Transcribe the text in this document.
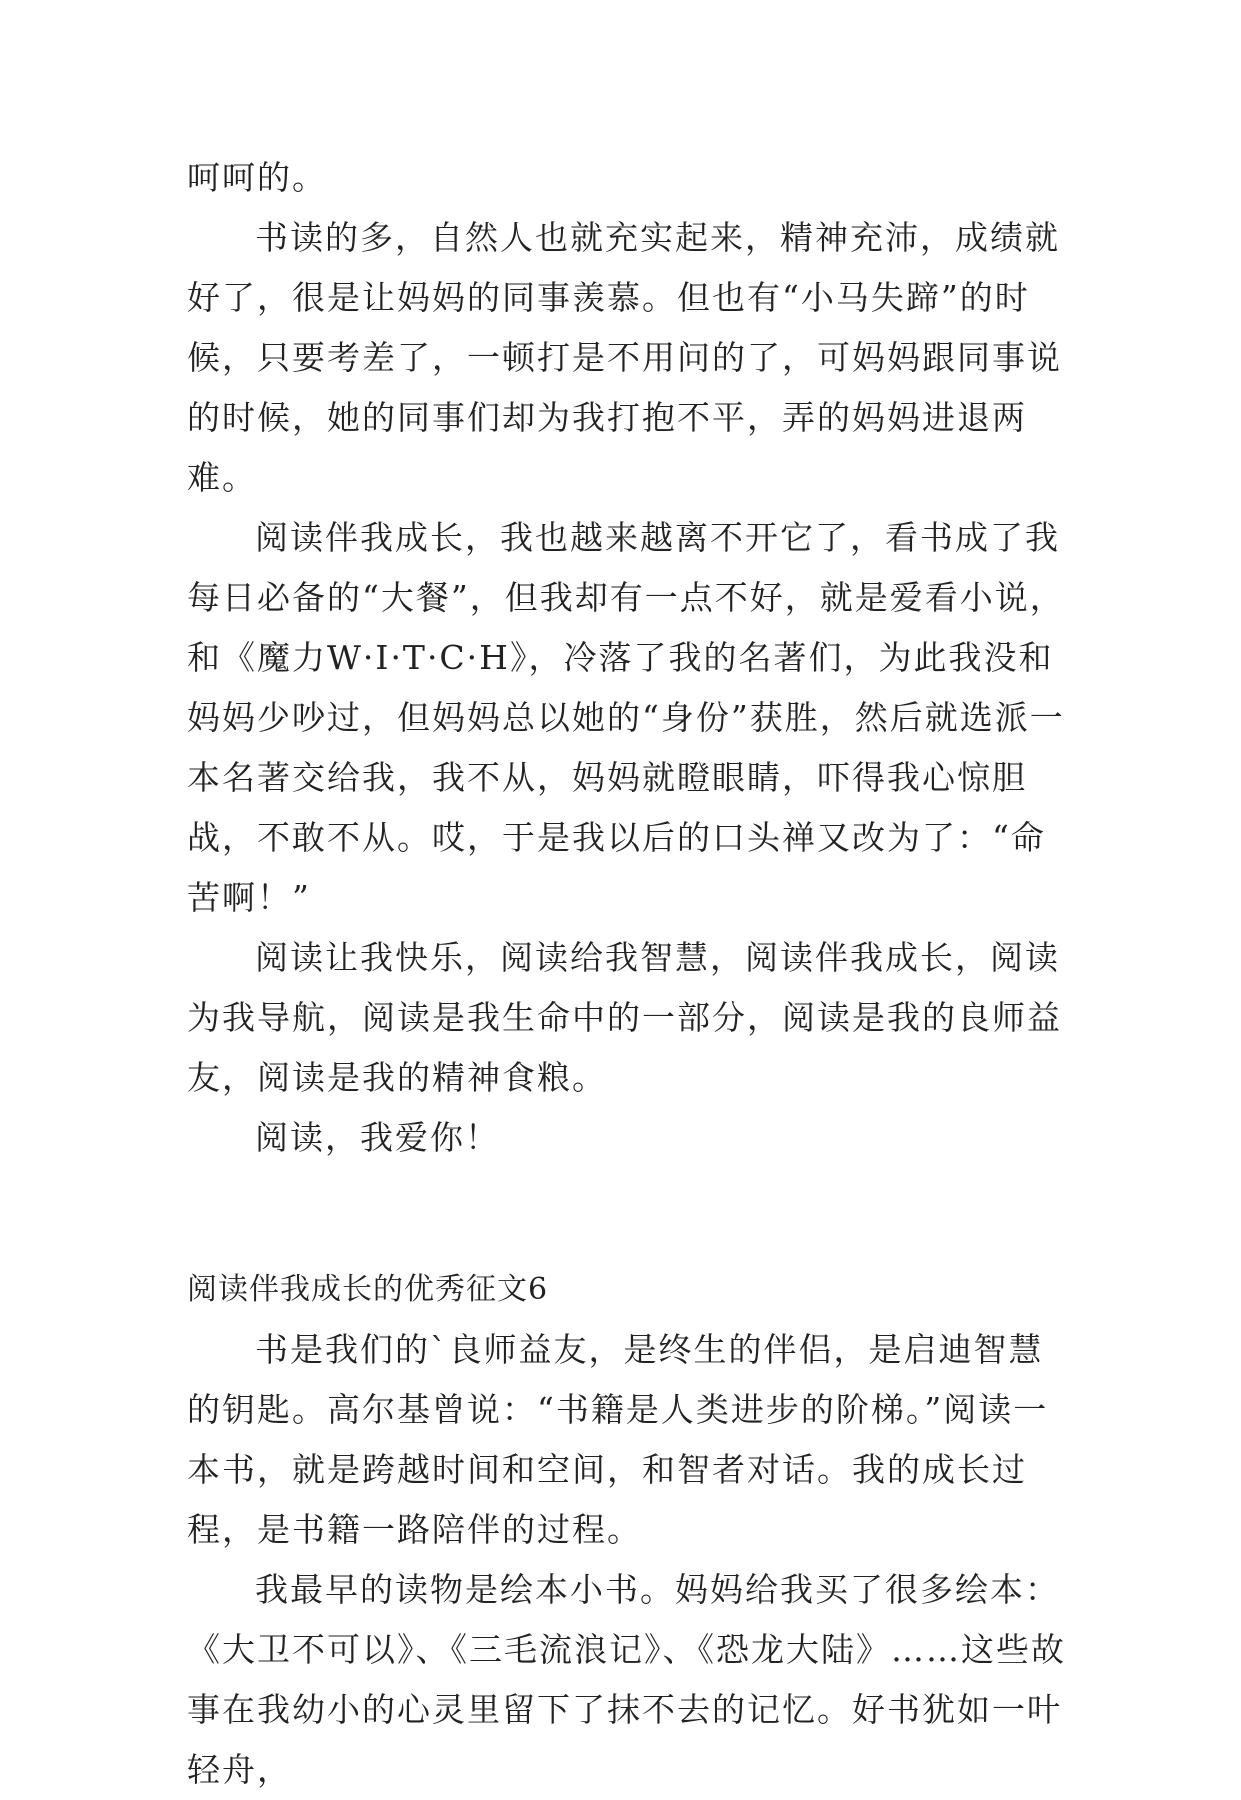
呵呵的。

书读的多，自然人也就充实起来，精神充沛，成绩就好了，很是让妈妈的同事羡慕。但也有“小马失蹄”的时候，只要考差了，一顿打是不用问的了，可妈妈跟同事说的时候，她的同事们却为我打抱不平，弄的妈妈进退两难。

阅读伴我成长，我也越来越离不开它了，看书成了我每日必备的“大餐”，但我却有一点不好，就是爱看小说，和《魔力W·I·T·C·H》，冷落了我的名著们，为此我没和妈妈少吵过，但妈妈总以她的“身份”获胜，然后就选派一本名著交给我，我不从，妈妈就瞪眼睛，吓得我心惊胆战，不敢不从。哎，于是我以后的口头禅又改为了：“命苦啊！”

阅读让我快乐，阅读给我智慧，阅读伴我成长，阅读为我导航，阅读是我生命中的一部分，阅读是我的良师益友，阅读是我的精神食粮。

阅读，我爱你！

阅读伴我成长的优秀征文6

书是我们的`良师益友，是终生的伴侣，是启迪智慧的钥匙。高尔基曾说：“书籍是人类进步的阶梯。”阅读一本书，就是跨越时间和空间，和智者对话。我的成长过程，是书籍一路陪伴的过程。

我最早的读物是绘本小书。妈妈给我买了很多绘本：《大卫不可以》、《三毛流浪记》、《恐龙大陆》……这些故事在我幼小的心灵里留下了抹不去的记忆。好书犹如一叶轻舟，
